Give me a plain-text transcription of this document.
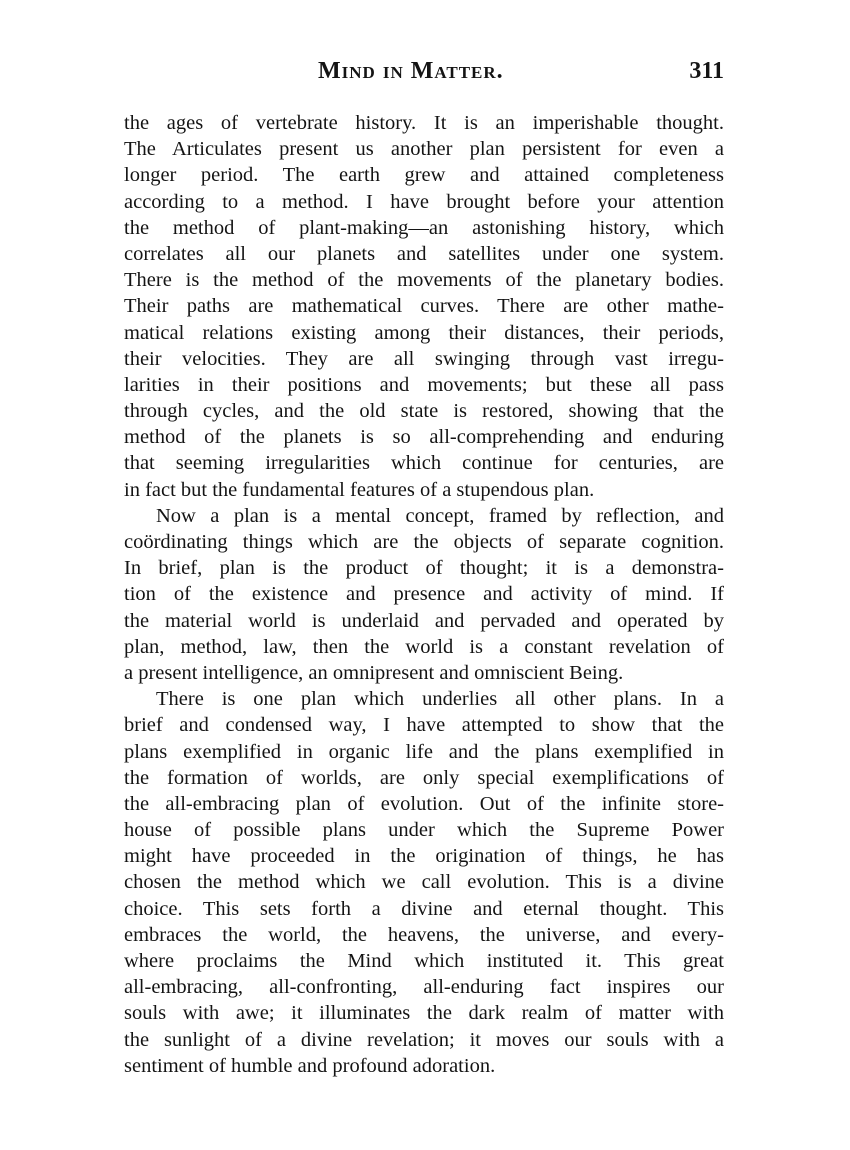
Mind in Matter.	311
the ages of vertebrate history. It is an imperishable thought.
The Articulates present us another plan persistent for even a
longer period. The earth grew and attained completeness
according to a method. I have brought before your attention
the method of plant-making—an astonishing history, which
correlates all our planets and satellites under one system.
There is the method of the movements of the planetary bodies.
Their paths are mathematical curves. There are other mathe-
matical relations existing among their distances, their periods,
their velocities. They are all swinging through vast irregu-
larities in their positions and movements; but these all pass
through cycles, and the old state is restored, showing that the
method of the planets is so all-comprehending and enduring
that seeming irregularities which continue for centuries, are
in fact but the fundamental features of a stupendous plan.
Now a plan is a mental concept, framed by reflection, and
coördinating things which are the objects of separate cognition.
In brief, plan is the product of thought; it is a demonstra-
tion of the existence and presence and activity of mind. If
the material world is underlaid and pervaded and operated by
plan, method, law, then the world is a constant revelation of
a present intelligence, an omnipresent and omniscient Being.
There is one plan which underlies all other plans. In a
brief and condensed way, I have attempted to show that the
plans exemplified in organic life and the plans exemplified in
the formation of worlds, are only special exemplifications of
the all-embracing plan of evolution. Out of the infinite store-
house of possible plans under which the Supreme Power
might have proceeded in the origination of things, he has
chosen the method which we call evolution. This is a divine
choice. This sets forth a divine and eternal thought. This
embraces the world, the heavens, the universe, and every-
where proclaims the Mind which instituted it. This great
all-embracing, all-confronting, all-enduring fact inspires our
souls with awe; it illuminates the dark realm of matter with
the sunlight of a divine revelation; it moves our souls with a
sentiment of humble and profound adoration.
